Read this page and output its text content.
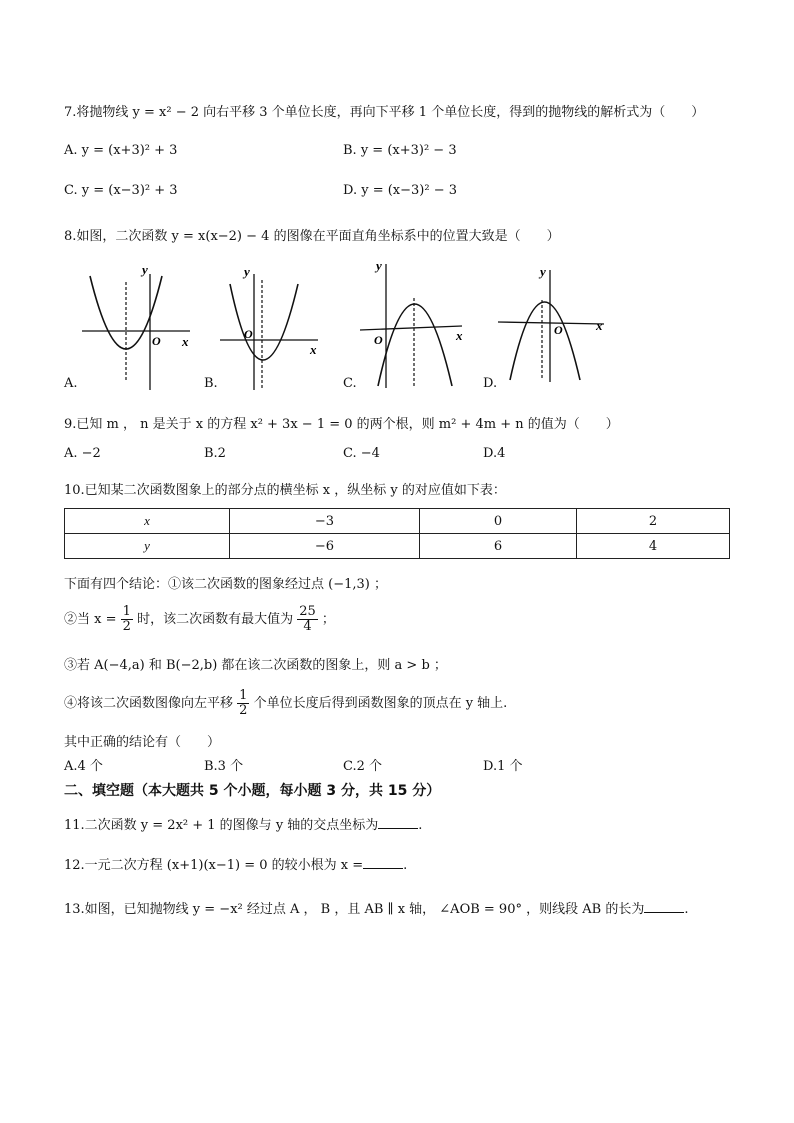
7.将抛物线 y = x² − 2 向右平移 3 个单位长度，再向下平移 1 个单位长度，得到的抛物线的解析式为（　　）
A. y = (x+3)² + 3	B. y = (x+3)² − 3
C. y = (x−3)² + 3	D. y = (x−3)² − 3
8.如图，二次函数 y = x(x−2) − 4 的图像在平面直角坐标系中的位置大致是（　　）
y
x
O
A.
y
x
O
B.
y
x
O
C.
y
x
O
D.
9.已知 m ， n 是关于 x 的方程 x² + 3x − 1 = 0 的两个根，则 m² + 4m + n 的值为（　　）
A. −2	B.2	C. −4	D.4
10.已知某二次函数图象上的部分点的横坐标 x ，纵坐标 y 的对应值如下表：
x	−3	0	2
y	−6	6	4
下面有四个结论：①该二次函数的图象经过点 (−1,3) ；
②当 $x = \frac{1}{2}$ 时，该二次函数有最大值为 $\frac{25}{4}$ ；
③若 A(−4,a) 和 B(−2,b) 都在该二次函数的图象上，则 a > b ；
④将该二次函数图像向左平移 $\frac{1}{2}$ 个单位长度后得到函数图象的顶点在 y 轴上.
其中正确的结论有（　　）
A.4 个	B.3 个	C.2 个	D.1 个
二、填空题（本大题共 5 个小题，每小题 3 分，共 15 分）
11.二次函数 y = 2x² + 1 的图像与 y 轴的交点坐标为	.
12.一元二次方程 (x+1)(x−1) = 0 的较小根为 x =	.
13.如图，已知抛物线 y = −x² 经过点 A ， B ，且 AB ∥ x 轴， ∠AOB = 90° ，则线段 AB 的长为	.
